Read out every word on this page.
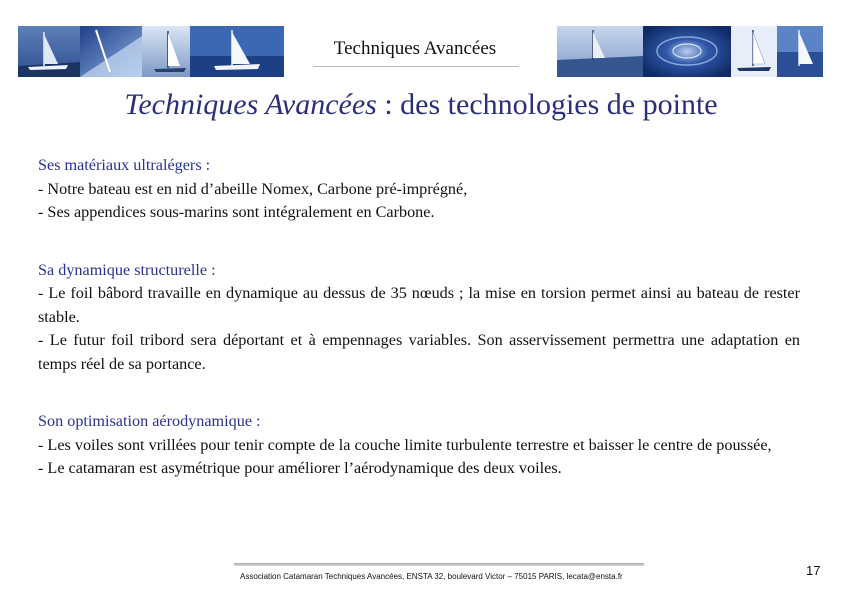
Techniques Avancées
Techniques Avancées : des technologies de pointe
Ses matériaux ultralégers :

- Notre bateau est en nid d’abeille Nomex, Carbone pré-imprégné,

- Ses appendices sous-marins sont intégralement en Carbone.

Sa dynamique structurelle :

- Le foil bâbord travaille en dynamique au dessus de 35 nœuds ; la mise en torsion permet ainsi au bateau de rester stable.

- Le futur foil tribord sera déportant et à empennages variables. Son asservissement permettra une adaptation en temps réel de sa portance.

Son optimisation aérodynamique :

- Les voiles sont vrillées pour tenir compte de la couche limite turbulente terrestre et baisser le centre de poussée,

- Le catamaran est asymétrique pour améliorer l’aérodynamique des deux voiles.

Association Catamaran Techniques Avancées, ENSTA 32, boulevard Victor – 75015 PARIS, lecata@ensta.fr	17
